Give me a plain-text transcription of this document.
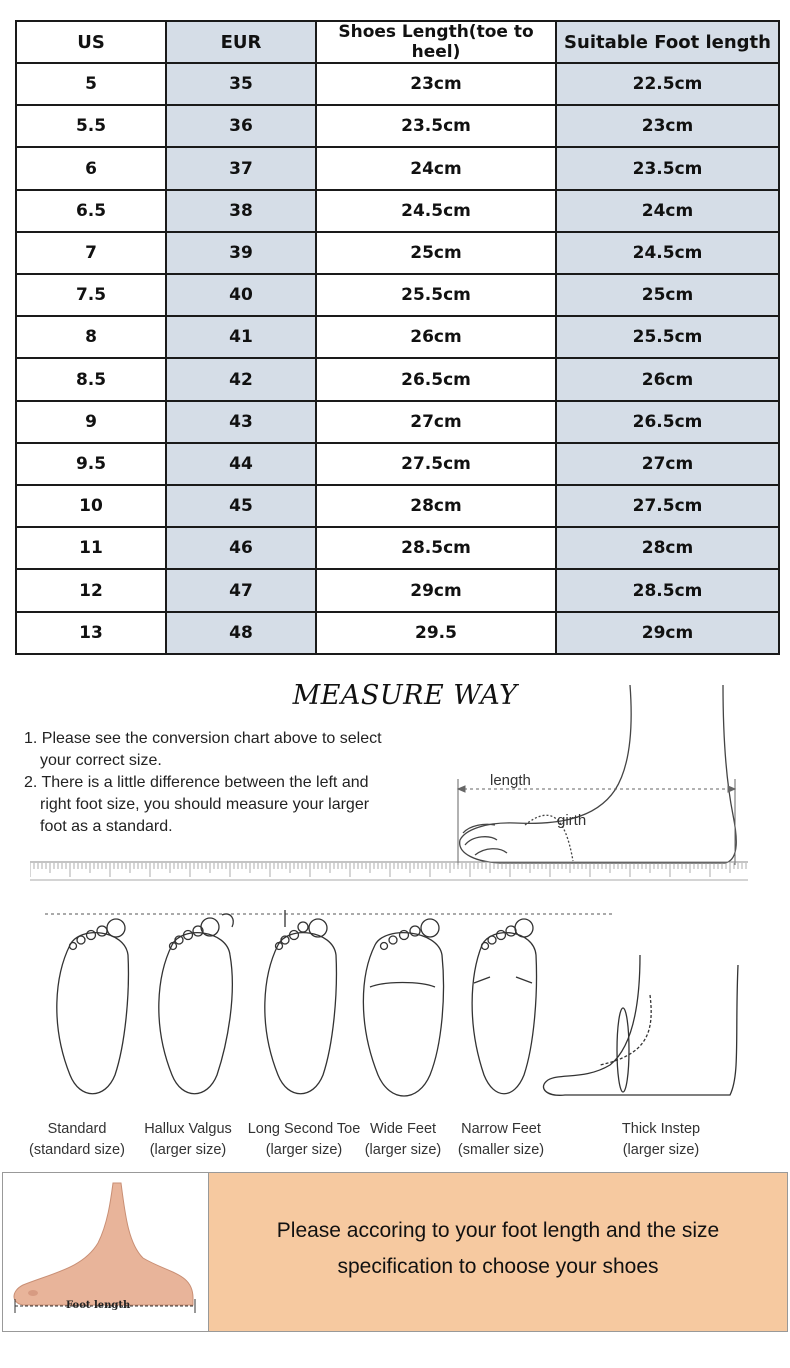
US	EUR	Shoes Length(toe to heel)	Suitable Foot length
5	35	23cm	22.5cm
5.5	36	23.5cm	23cm
6	37	24cm	23.5cm
6.5	38	24.5cm	24cm
7	39	25cm	24.5cm
7.5	40	25.5cm	25cm
8	41	26cm	25.5cm
8.5	42	26.5cm	26cm
9	43	27cm	26.5cm
9.5	44	27.5cm	27cm
10	45	28cm	27.5cm
11	46	28.5cm	28cm
12	47	29cm	28.5cm
13	48	29.5	29cm
MEASURE WAY
1. Please see the conversion chart above to select your correct size.
2. There is a little difference between the left and right foot size, you should measure your larger foot as a standard.
length
girth
Standard
(standard size)
Hallux Valgus
(larger size)
Long Second Toe
(larger size)
Wide Feet
(larger size)
Narrow Feet
(smaller size)
Thick Instep
(larger size)
Foot length
Please accoring to your foot length and the size
specification to choose your shoes
